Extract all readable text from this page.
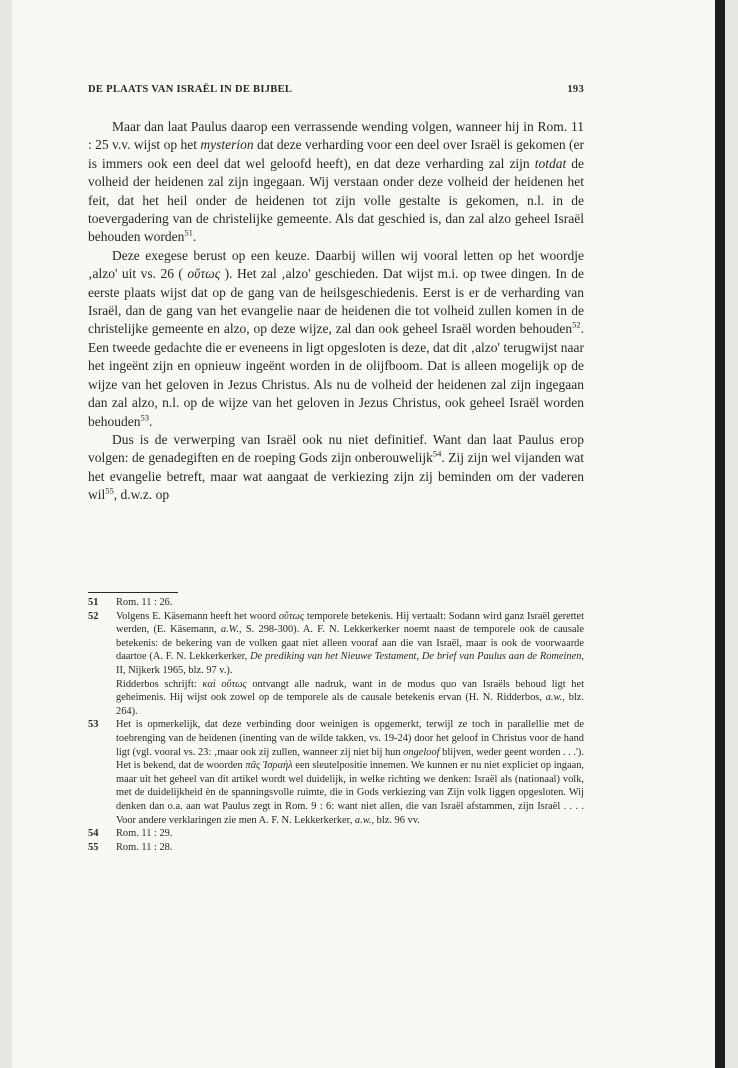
DE PLAATS VAN ISRAËL IN DE BIJBEL	193

Maar dan laat Paulus daarop een verrassende wending volgen, wanneer hij in Rom. 11 : 25 v.v. wijst op het mysterion dat deze verharding voor een deel over Israël is gekomen (er is immers ook een deel dat wel geloofd heeft), en dat deze verharding zal zijn totdat de volheid der heidenen zal zijn ingegaan. Wij verstaan onder deze volheid der heidenen het feit, dat het heil onder de heidenen tot zijn volle gestalte is gekomen, n.l. in de toevergadering van de christelijke gemeente. Als dat geschied is, dan zal alzo geheel Israël behouden worden$^{51}$.

Deze exegese berust op een keuze. Daarbij willen wij vooral letten op het woordje ‚alzo' uit vs. 26 ( οὕτως ). Het zal ‚alzo' geschieden. Dat wijst m.i. op twee dingen. In de eerste plaats wijst dat op de gang van de heilsgeschiedenis. Eerst is er de verharding van Israël, dan de gang van het evangelie naar de heidenen die tot volheid zullen komen in de christelijke gemeente en alzo, op deze wijze, zal dan ook geheel Israël worden behouden$^{52}$. Een tweede gedachte die er eveneens in ligt opgesloten is deze, dat dit ‚alzo' terugwijst naar het ingeënt zijn en opnieuw ingeënt worden in de olijfboom. Dat is alleen mogelijk op de wijze van het geloven in Jezus Christus. Als nu de volheid der heidenen zal zijn ingegaan dan zal alzo, n.l. op de wijze van het geloven in Jezus Christus, ook geheel Israël worden behouden$^{53}$.

Dus is de verwerping van Israël ook nu niet definitief. Want dan laat Paulus erop volgen: de genadegiften en de roeping Gods zijn onberouwelijk$^{54}$. Zij zijn wel vijanden wat het evangelie betreft, maar wat aangaat de verkiezing zijn zij beminden om der vaderen wil$^{55}$, d.w.z. op

51	Rom. 11 : 26.
52	Volgens E. Käsemann heeft het woord οὕτως temporele betekenis. Hij vertaalt: Sodann wird ganz Israël gerettet werden, (E. Käsemann, a.W., S. 298-300). A. F. N. Lekkerkerker noemt naast de temporele ook de causale betekenis: de bekering van de volken gaat niet alleen vooraf aan die van Israël, maar is ook de voorwaarde daartoe (A. F. N. Lekkerkerker, De prediking van het Nieuwe Testament, De brief van Paulus aan de Romeinen, II, Nijkerk 1965, blz. 97 v.).
Ridderbos schrijft: καὶ οὕτως ontvangt alle nadruk, want in de modus quo van Israëls behoud ligt het geheimenis. Hij wijst ook zowel op de temporele als de causale betekenis ervan (H. N. Ridderbos, a.w., blz. 264).
53	Het is opmerkelijk, dat deze verbinding door weinigen is opgemerkt, terwijl ze toch in parallellie met de toebrenging van de heidenen (inenting van de wilde takken, vs. 19-24) door het geloof in Christus voor de hand ligt (vgl. vooral vs. 23: ‚maar ook zij zullen, wanneer zij niet bij hun ongeloof blijven, weder geent worden . . .'). Het is bekend, dat de woorden πᾶς Ἰσραὴλ een sleutelpositie innemen. We kunnen er nu niet expliciet op ingaan, maar uit het geheel van dit artikel wordt wel duidelijk, in welke richting we denken: Israël als (nationaal) volk, met de duidelijkheid èn de spanningsvolle ruimte, die in Gods verkiezing van Zijn volk liggen opgesloten. Wij denken dan o.a. aan wat Paulus zegt in Rom. 9 : 6: want niet allen, die van Israël afstammen, zijn Israël . . . . Voor andere verklaringen zie men A. F. N. Lekkerkerker, a.w., blz. 96 vv.
54	Rom. 11 : 29.
55	Rom. 11 : 28.
